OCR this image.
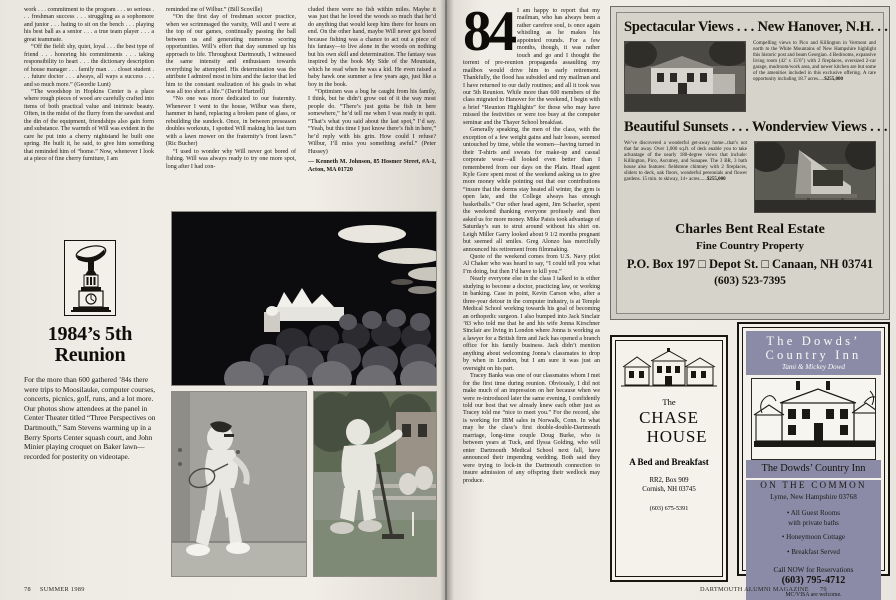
work . . . commitment to the program . . . so serious . . . freshman success . . . struggling as a sophomore and junior . . . hating to sit on the bench . . . playing his best ball as a senior . . . a true team player . . . a great teammate.

“Off the field: shy, quiet, loyal . . . the best type of friend . . . honoring his commitments . . . taking responsibility to heart . . . the dictionary description of house manager . . . family man . . . closet student . . . future doctor . . . always, all ways a success . . . and so much more.” (Geordie Lunt)

“The woodshop in Hopkins Center is a place where rough pieces of wood are carefully crafted into items of both practical value and intrinsic beauty. Often, in the midst of the flurry from the sawdust and the din of the equipment, friendships also gain form and substance. The warmth of Will was evident in the care he put into a cherry nightstand he built one spring. He built it, he said, to give him something that reminded him of “home.” Now, whenever I look at a piece of fine cherry furniture, I am

reminded me of Wilbur.” (Bill Scoville)

“On the first day of freshman soccer practice, when we scrimmaged the varsity, Will and I were at the top of our games, continually passing the ball between us and generating numerous scoring opportunities. Will’s effort that day summed up his approach to life. Throughout Dartmouth, I witnessed the same intensity and enthusiasm towards everything he attempted. His determination was the attribute I admired most in him and the factor that led him to the constant realization of his goals in what was all too short a life.” (David Hartzell)

“No one was more dedicated to our fraternity. Whenever I went to the house, Wilbur was there, hammer in hand, replacing a broken pane of glass, or rebuilding the sundeck. Once, in between preseason doubles workouts, I spotted Will making his last turn with a lawn mower on the fraternity’s front lawn.” (Ric Bucher)

“I used to wonder why Will never got bored of fishing. Will was always ready to try one more spot, long after I had con-

cluded there were no fish within miles. Maybe it was just that he loved the woods so much that he’d do anything that would keep him there for hours on end. On the other hand, maybe Will never got bored because fishing was a chance to act out a piece of his fantasy—to live alone in the woods on nothing but his own skill and determination. The fantasy was inspired by the book My Side of the Mountain, which he read when he was a kid. He even raised a baby hawk one summer a few years ago, just like a boy in the book.

“Optimism was a bug he caught from his family, I think, but he didn’t grow out of it the way most people do. “There’s just gotta be fish in here somewhere,” he’d tell me when I was ready to quit. “That’s what you said about the last spot,” I’d say. “Yeah, but this time I just know there’s fish in here,” he’d reply with his grin. How could I refuse? Wilbur, I’ll miss you something awful.” (Peter Hussey)

— Kenneth M. Johnson, 85 Hosmer Street, #A-1, Acton, MA 01720

1984’s 5th
Reunion
For the more than 600 gathered ’84s there were trips to Moosilauke, computer courses, concerts, picnics, golf, runs, and a lot more. Our photos show attendees at the panel in Center Theater titled “Three Perspectives on Dartmouth,” Sam Stevens warming up in a Berry Sports Center squash court, and John Minier playing croquet on Baker lawn—recorded for posterity on videotape.
78 SUMMER 1989
84 I am happy to report that my mailman, who has always been a rather carefree soul, is once again whistling as he makes his appointed rounds. For a few months, though, it was rather touch and go and I thought the torrent of pre-reunion propaganda assaulting my mailbox would drive him to early retirement. Thankfully, the flood has subsided and my mailman and I have returned to our daily routines; and all it took was our 5th Reunion. While more than 600 members of the class migrated to Hanover for the weekend, I begin with a brief “Reunion Highlights” for those who may have missed the festivities or were too busy at the computer seminar and the Thayer School breakfast.

Generally speaking, the men of the class, with the exception of a few weight gains and hair losses, seemed untouched by time, while the women—having turned in their T-shirts and sweats for make-up and casual corporate wear—all looked even better than I remembered from our days on the Plain. Head agent Kyle Gore spent most of the weekend asking us to give more money while pointing out that our contributions “insure that the dorms stay heated all winter, the gym is open late, and the College always has enough basketballs.” Our other head agent, Jim Schaefer, spent the weekend thanking everyone profusely and then asked us for more money. Mike Patsis took advantage of Saturday’s sun to strut around without his shirt on. Leigh Miller Garry looked about 9 1/2 months pregnant but seemed all smiles. Greg Alonzo has mercifully announced his retirement from filmmaking.

Quote of the weekend comes from U.S. Navy pilot Al Chaker who was heard to say, “I could tell you what I’m doing, but then I’d have to kill you.”

Nearly everyone else in the class I talked to is either studying to become a doctor, practicing law, or working in banking. Case in point, Kevin Carson who, after a three-year detour in the computer industry, is at Temple Medical School working towards his goal of becoming an orthopedic surgeon. I also bumped into Jack Sinclair ’83 who told me that he and his wife Jonna Kirschner Sinclair are living in London where Jonna is working as a lawyer for a British firm and Jack has opened a branch office for his family business. Jack didn’t mention anything about welcoming Jonna’s classmates to drop by when in London, but I am sure it was just an oversight on his part.

Tracey Banks was one of our classmates whom I met for the first time during reunion. Obviously, I did not make much of an impression on her because when we were re-introduced later the same evening, I confidently told our host that we already knew each other just as Tracey told me “nice to meet you.” For the record, she is working for IBM sales in Norwalk, Conn. In what may be the class’s first double-double-Dartmouth marriage, long-time couple Doug Burke, who is between years at Tuck, and Ilyssa Golding, who will enter Dartmouth Medical School next fall, have announced their impending wedding. Both said they were trying to lock-in the Dartmouth connection to insure admission of any offspring their wedlock may produce.

Spectacular Views . . . New Hanover, N.H. . .
Compelling views to Pico and Killington in Vermont and north to the White Mountains of New Hampshire highlight this historic post and beam Georgian. 4 Bedrooms, expansive living room (42′ x 15′6″) with 2 fireplaces, oversized 2-car garage, mudroom/work area, and newer kitchen are but some of the amenities included in this exclusive offering. A rare opportunity including 18.7 acres.....$255,000
Beautiful Sunsets . . . Wonderview Views . . .
We’ve discovered a wonderful get-away home...that’s not that far away. Over 1,000 sq.ft. of deck enable you to take advantage of the nearly 180-degree views that include: Killington, Pico, Ascutney, and Sunapee. The 3 BR, 3 bath house also features: fieldstone chimney with 2 fireplaces, sliders to deck, oak floors, wonderful perennials and flower gardens. 15 min. to skiway, 14+ acres......$255,000
Charles Bent Real Estate
Fine Country Property
P.O. Box 197 □ Depot St. □ Canaan, NH 03741
(603) 523-7395
The
CHASE
HOUSE
A Bed and Breakfast
RR2, Box 909
Cornish, NH 03745
(603) 675-5391
The Dowds’
Country Inn
Tami & Mickey Dowd
The Dowds’ Country Inn
ON THE COMMON
Lyme, New Hampshire 03768
• All Guest Rooms
with private baths
• Honeymoon Cottage
• Breakfast Served
Call NOW for Reservations
(603) 795-4712
MC/VISA are welcome.
DARTMOUTH ALUMNI MAGAZINE 79
